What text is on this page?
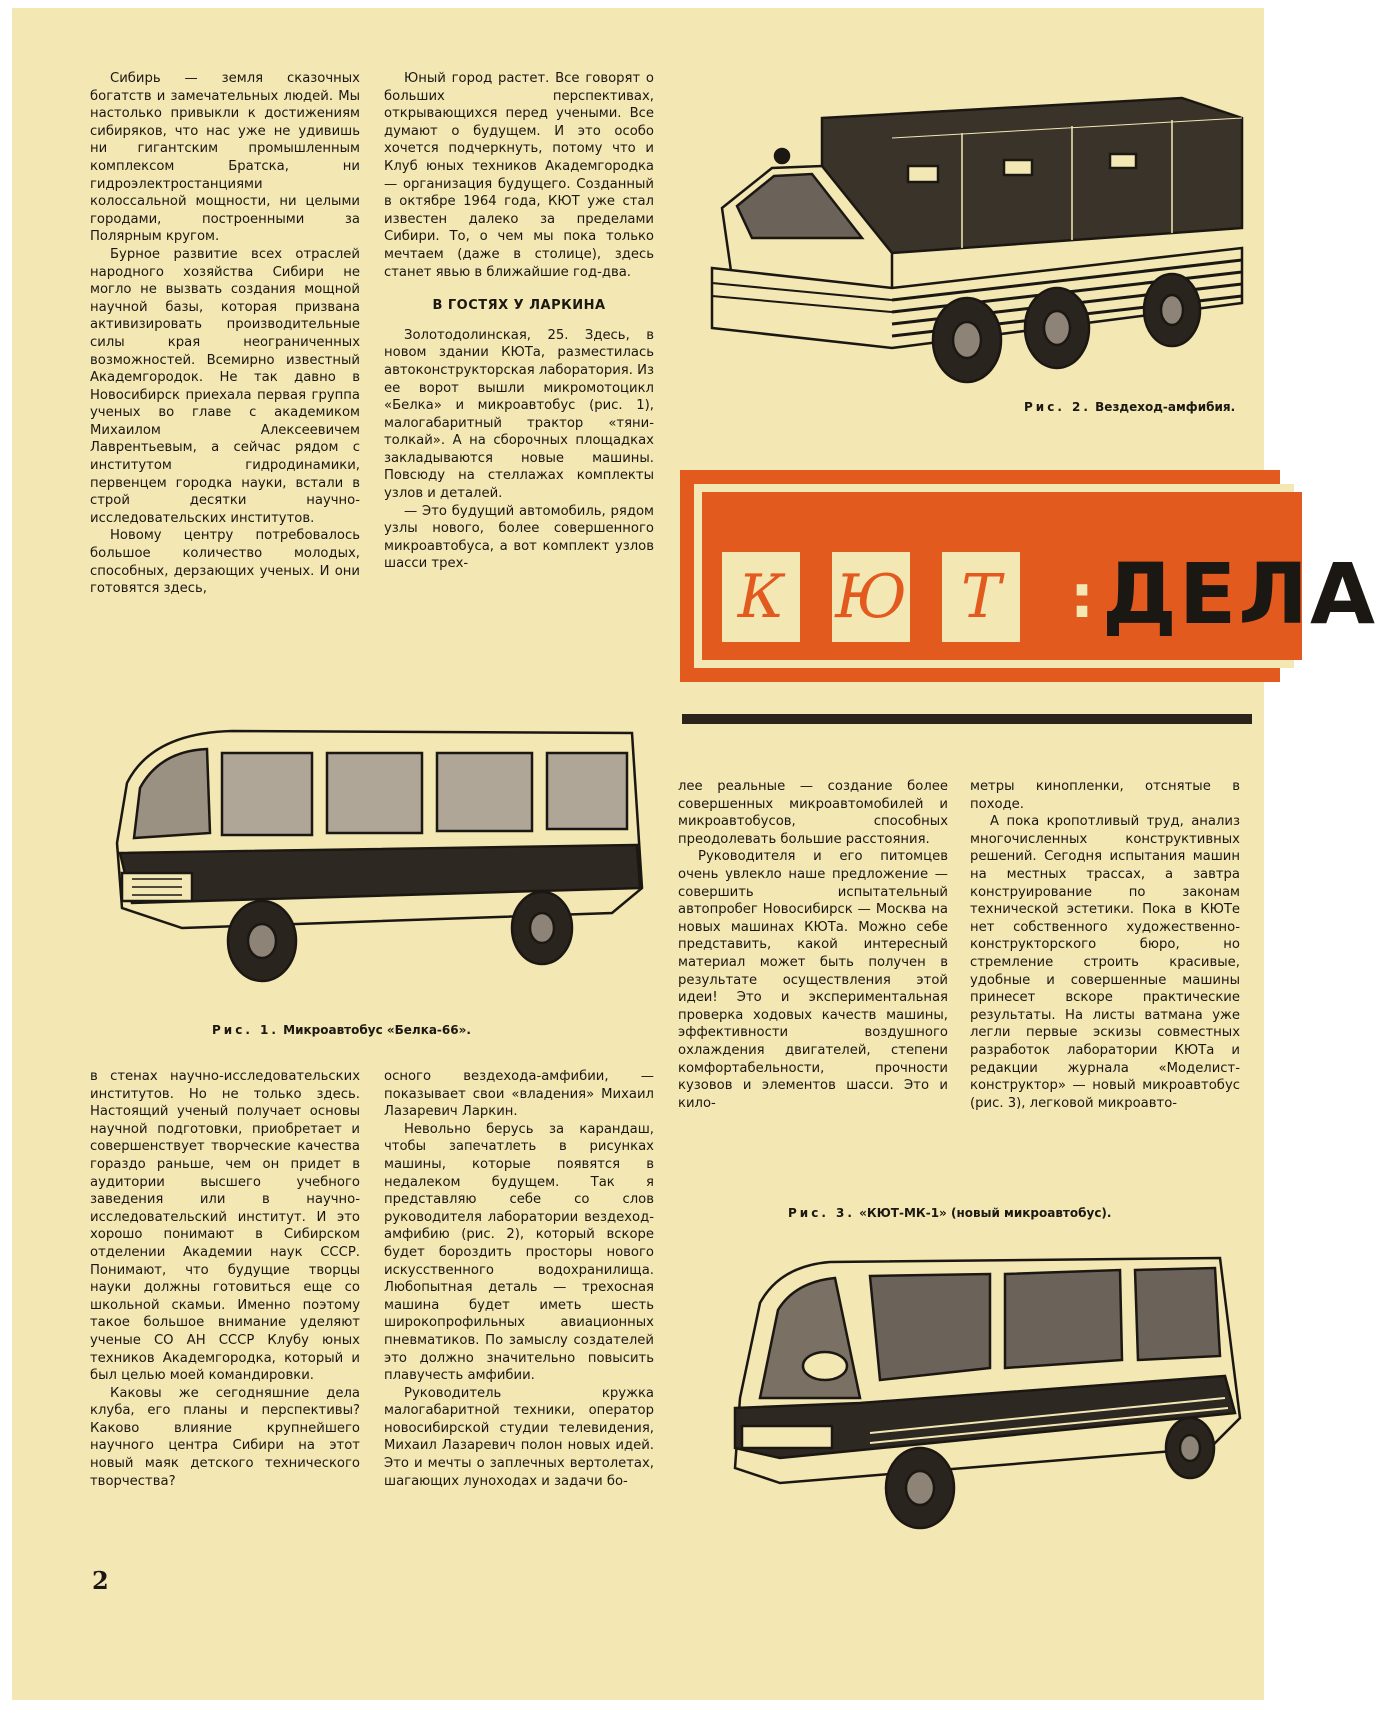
Сибирь — земля сказочных богатств и замечательных людей. Мы настолько привыкли к достижениям сибиряков, что нас уже не удивишь ни гигантским промышленным комплексом Братска, ни гидроэлектростанциями колоссальной мощности, ни целыми городами, построенными за Полярным кругом.

Бурное развитие всех отраслей народного хозяйства Сибири не могло не вызвать создания мощной научной базы, которая призвана активизировать производительные силы края неограниченных возможностей. Всемирно известный Академгородок. Не так давно в Новосибирск приехала первая группа ученых во главе с академиком Михаилом Алексеевичем Лаврентьевым, а сейчас рядом с институтом гидродинамики, первенцем городка науки, встали в строй десятки научно-исследовательских институтов.

Новому центру потребовалось большое количество молодых, способных, дерзающих ученых. И они готовятся здесь,

Юный город растет. Все говорят о больших перспективах, открывающихся перед учеными. Все думают о будущем. И это особо хочется подчеркнуть, потому что и Клуб юных техников Академгородка — организация будущего. Созданный в октябре 1964 года, КЮТ уже стал известен далеко за пределами Сибири. То, о чем мы пока только мечтаем (даже в столице), здесь станет явью в ближайшие год-два.

В ГОСТЯХ У ЛАРКИНА

Золотодолинская, 25. Здесь, в новом здании КЮТа, разместилась автоконструкторская лаборатория. Из ее ворот вышли микромотоцикл «Белка» и микроавтобус (рис. 1), малогабаритный трактор «тяни-толкай». А на сборочных площадках закладываются новые машины. Повсюду на стеллажах комплекты узлов и деталей.

— Это будущий автомобиль, рядом узлы нового, более совершенного микроавтобуса, а вот комплект узлов шасси трех-

Рис. 2. Вездеход-амфибия.
К Ю Т	: ДЕЛА
Рис. 1. Микроавтобус «Белка-66».

в стенах научно-исследовательских институтов. Но не только здесь. Настоящий ученый получает основы научной подготовки, приобретает и совершенствует творческие качества гораздо раньше, чем он придет в аудитории высшего учебного заведения или в научно-исследовательский институт. И это хорошо понимают в Сибирском отделении Академии наук СССР. Понимают, что будущие творцы науки должны готовиться еще со школьной скамьи. Именно поэтому такое большое внимание уделяют ученые СО АН СССР Клубу юных техников Академгородка, который и был целью моей командировки.

Каковы же сегодняшние дела клуба, его планы и перспективы? Каково влияние крупнейшего научного центра Сибири на этот новый маяк детского технического творчества?

осного вездехода-амфибии, — показывает свои «владения» Михаил Лазаревич Ларкин.

Невольно берусь за карандаш, чтобы запечатлеть в рисунках машины, которые появятся в недалеком будущем. Так я представляю себе со слов руководителя лаборатории вездеход-амфибию (рис. 2), который вскоре будет бороздить просторы нового искусственного водохранилища. Любопытная деталь — трехосная машина будет иметь шесть широкопрофильных авиационных пневматиков. По замыслу создателей это должно значительно повысить плавучесть амфибии.

Руководитель кружка малогабаритной техники, оператор новосибирской студии телевидения, Михаил Лазаревич полон новых идей. Это и мечты о заплечных вертолетах, шагающих луноходах и задачи бо-

лее реальные — создание более совершенных микроавтомобилей и микроавтобусов, способных преодолевать большие расстояния.

Руководителя и его питомцев очень увлекло наше предложение — совершить испытательный автопробег Новосибирск — Москва на новых машинах КЮТа. Можно себе представить, какой интересный материал может быть получен в результате осуществления этой идеи! Это и экспериментальная проверка ходовых качеств машины, эффективности воздушного охлаждения двигателей, степени комфортабельности, прочности кузовов и элементов шасси. Это и кило-

метры кинопленки, отснятые в походе.

А пока кропотливый труд, анализ многочисленных конструктивных решений. Сегодня испытания машин на местных трассах, а завтра конструирование по законам технической эстетики. Пока в КЮТе нет собственного художественно-конструкторского бюро, но стремление строить красивые, удобные и совершенные машины принесет вскоре практические результаты. На листы ватмана уже легли первые эскизы совместных разработок лаборатории КЮТа и редакции журнала «Моделист-конструктор» — новый микроавтобус (рис. 3), легковой микроавто-

Рис. 3. «КЮТ-МК-1» (новый микроавтобус).
2
